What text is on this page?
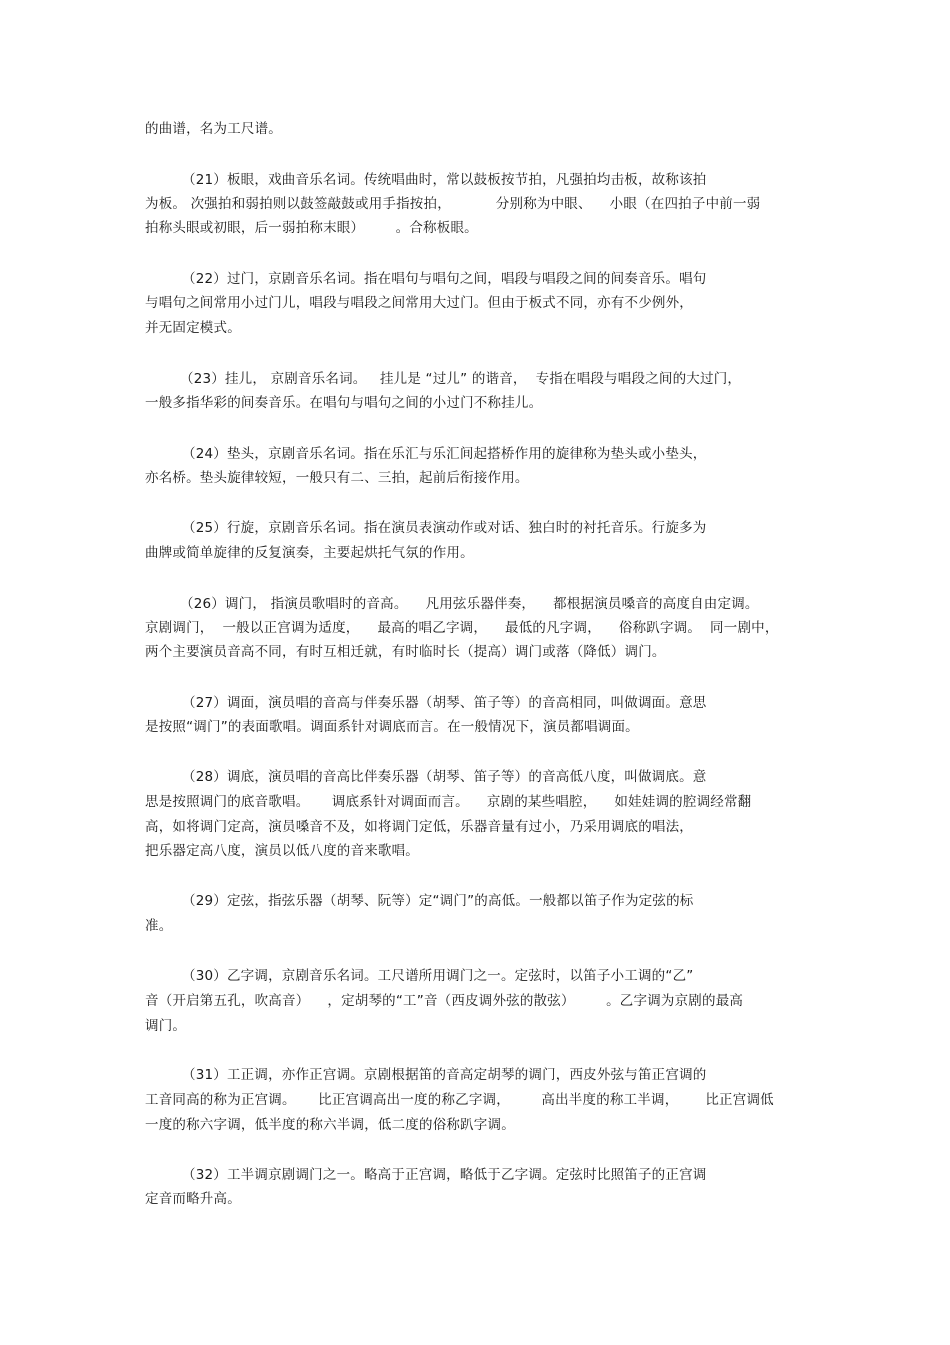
的曲谱，名为工尺谱。
（21）板眼，戏曲音乐名词。传统唱曲时，常以鼓板按节拍，凡强拍均击板，故称该拍
为板。 次强拍和弱拍则以鼓签敲鼓或用手指按拍，          分别称为中眼、    小眼（在四拍子中前一弱
拍称头眼或初眼，后一弱拍称末眼）       。合称板眼。
（22）过门，京剧音乐名词。指在唱句与唱句之间，唱段与唱段之间的间奏音乐。唱句
与唱句之间常用小过门儿，唱段与唱段之间常用大过门。但由于板式不同，亦有不少例外，
并无固定模式。
（23）挂儿， 京剧音乐名词。   挂儿是 “过儿” 的谐音，  专指在唱段与唱段之间的大过门，
一般多指华彩的间奏音乐。在唱句与唱句之间的小过门不称挂儿。
（24）垫头，京剧音乐名词。指在乐汇与乐汇间起搭桥作用的旋律称为垫头或小垫头，
亦名桥。垫头旋律较短，一般只有二、三拍，起前后衔接作用。
（25）行旋，京剧音乐名词。指在演员表演动作或对话、独白时的衬托音乐。行旋多为
曲牌或简单旋律的反复演奏，主要起烘托气氛的作用。
（26）调门， 指演员歌唱时的音高。    凡用弦乐器伴奏，    都根据演员嗓音的高度自由定调。
京剧调门，  一般以正宫调为适度，    最高的唱乙字调，    最低的凡字调，    俗称趴字调。  同一剧中，
两个主要演员音高不同，有时互相迁就，有时临时长（提高）调门或落（降低）调门。
（27）调面，演员唱的音高与伴奏乐器（胡琴、笛子等）的音高相同，叫做调面。意思
是按照“调门”的表面歌唱。调面系针对调底而言。在一般情况下，演员都唱调面。
（28）调底，演员唱的音高比伴奏乐器（胡琴、笛子等）的音高低八度，叫做调底。意
思是按照调门的底音歌唱。     调底系针对调面而言。    京剧的某些唱腔，    如娃娃调的腔调经常翻
高，如将调门定高，演员嗓音不及，如将调门定低，乐器音量有过小，乃采用调底的唱法，
把乐器定高八度，演员以低八度的音来歌唱。
（29）定弦，指弦乐器（胡琴、阮等）定“调门”的高低。一般都以笛子作为定弦的标
准。
（30）乙字调，京剧音乐名词。工尺谱所用调门之一。定弦时，以笛子小工调的“乙”
音（开启第五孔，吹高音）    ，定胡琴的“工”音（西皮调外弦的散弦）       。乙字调为京剧的最高
调门。
（31）工正调，亦作正宫调。京剧根据笛的音高定胡琴的调门，西皮外弦与笛正宫调的
工音同高的称为正宫调。     比正宫调高出一度的称乙字调，       高出半度的称工半调，      比正宫调低
一度的称六字调，低半度的称六半调，低二度的俗称趴字调。
（32）工半调京剧调门之一。略高于正宫调，略低于乙字调。定弦时比照笛子的正宫调
定音而略升高。
